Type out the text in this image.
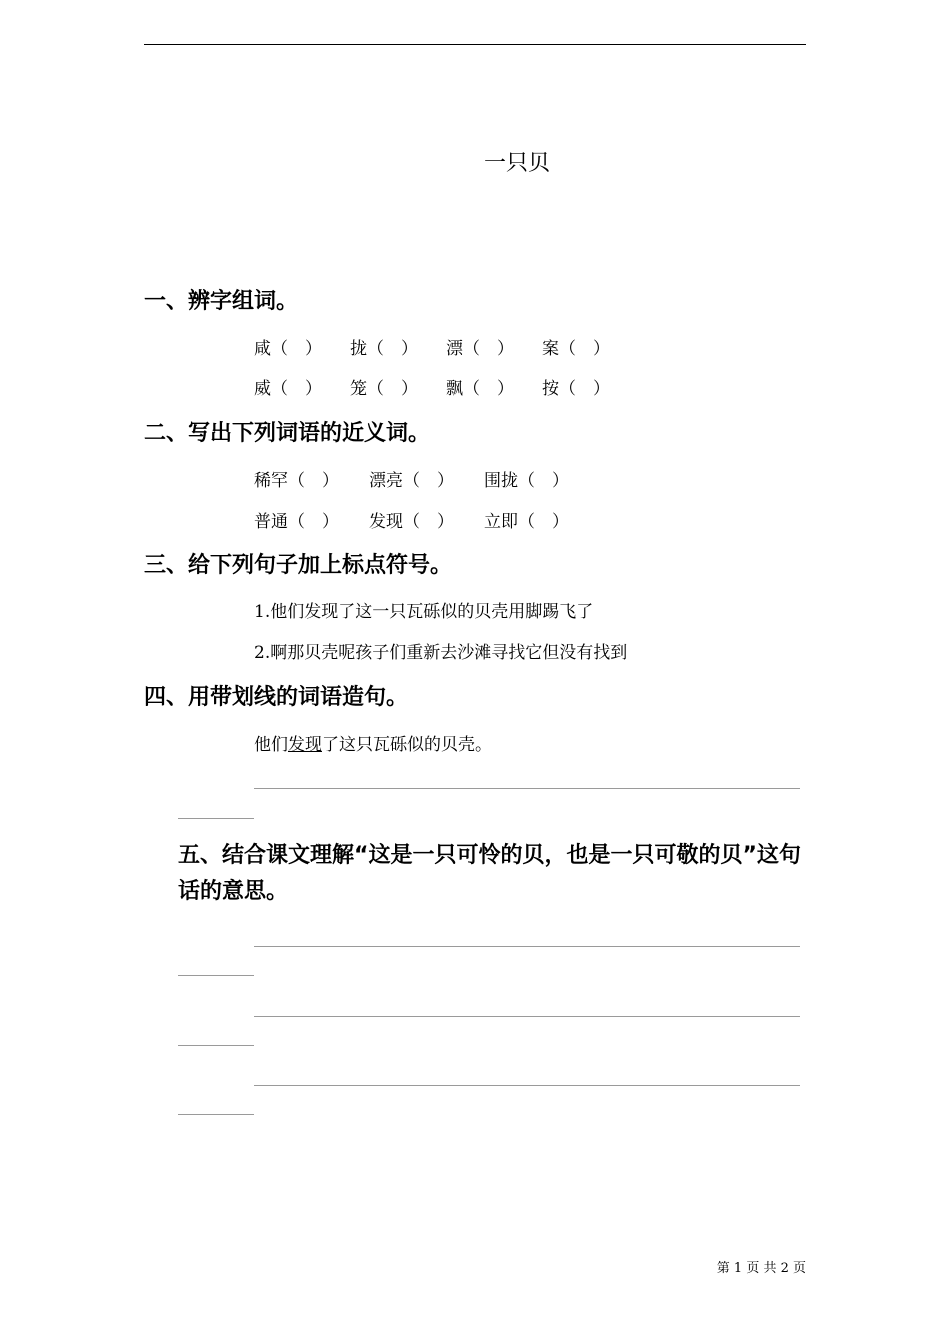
一只贝
一、辨字组词。
咸（　） 拢（　） 漂（　） 案（　）
威（　） 笼（　） 飘（　） 按（　）
二、写出下列词语的近义词。
稀罕（　） 漂亮（　） 围拢（　）
普通（　） 发现（　） 立即（　）
三、给下列句子加上标点符号。
1.他们发现了这一只瓦砾似的贝壳用脚踢飞了
2.啊那贝壳呢孩子们重新去沙滩寻找它但没有找到
四、用带划线的词语造句。
他们发现了这只瓦砾似的贝壳。
五、结合课文理解“这是一只可怜的贝，也是一只可敬的贝”这句话的意思。
第 1 页 共 2 页
